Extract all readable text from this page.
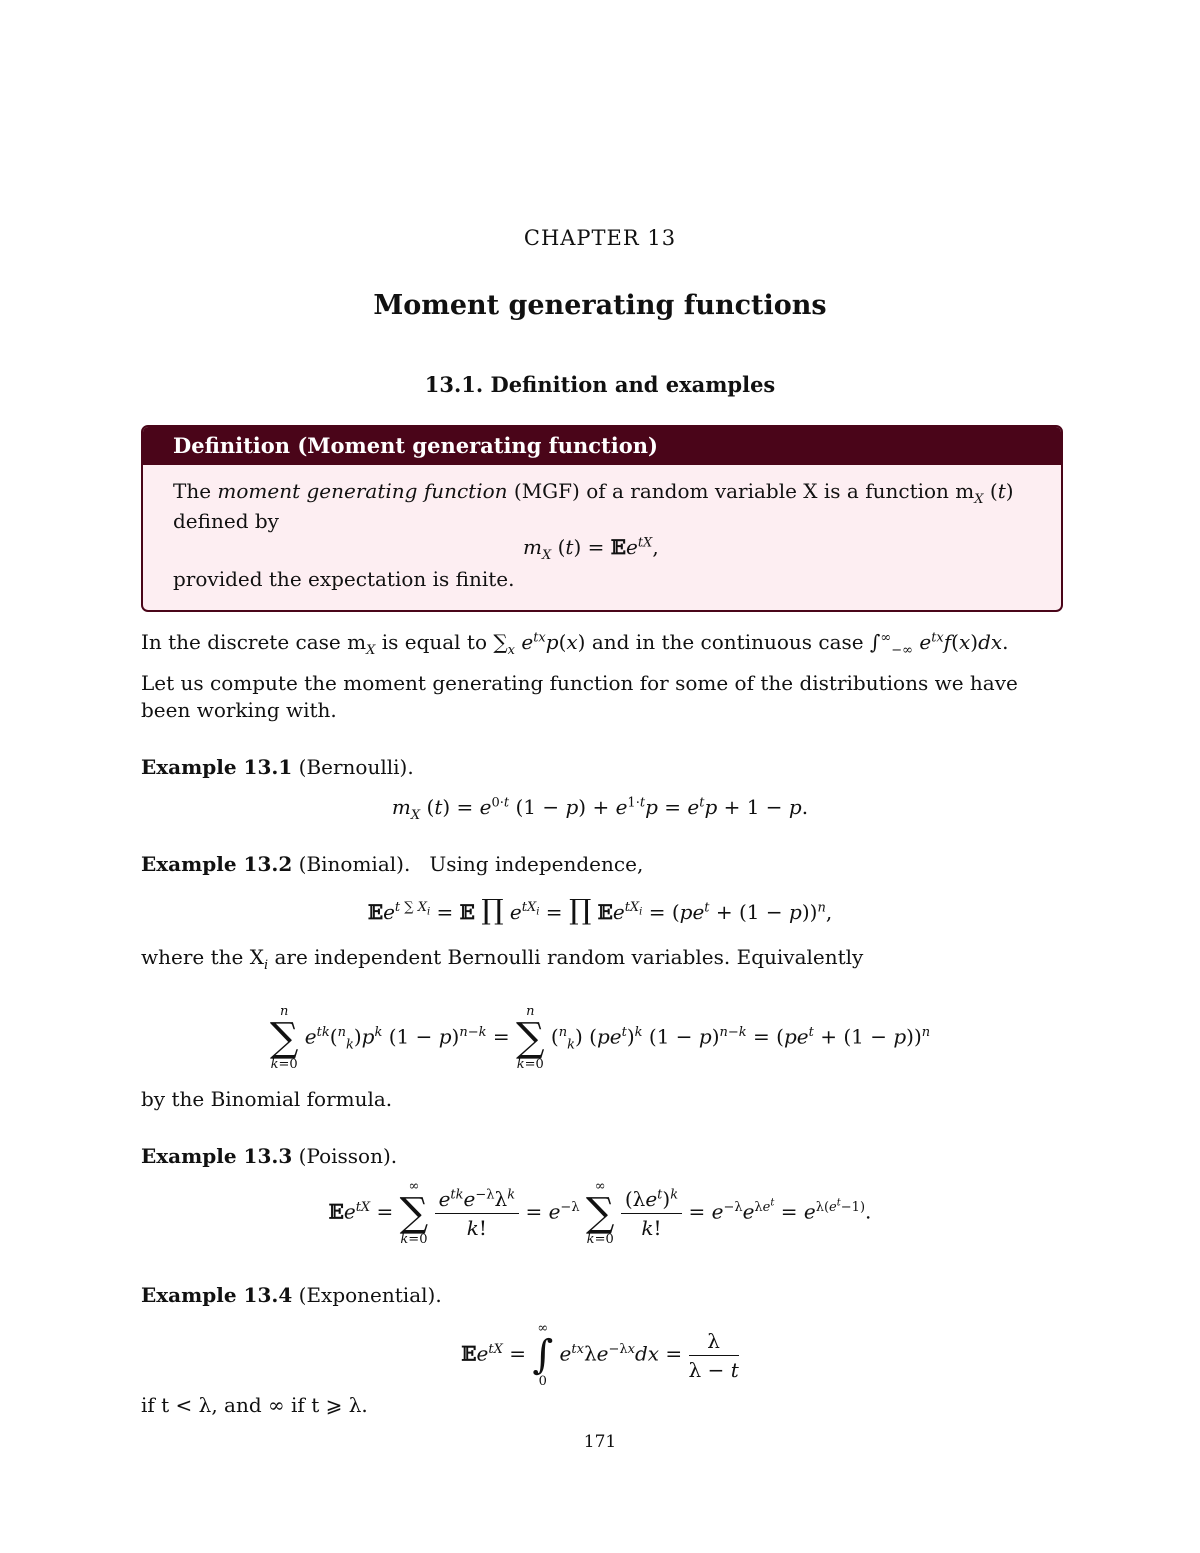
CHAPTER 13
Moment generating functions
13.1. Definition and examples
Definition (Moment generating function)
The moment generating function (MGF) of a random variable X is a function $m_X$ (t)
defined by
$m_X$ (t) = 𝔼e$^{tX}$,
provided the expectation is finite.
In the discrete case $m_X$ is equal to $\sum_x$ $e^{tx}p(x)$ and in the continuous case $\int^\infty_{-\infty}$ $e^{tx}f(x)dx$.
Let us compute the moment generating function for some of the distributions we have been working with.
Example 13.1 (Bernoulli).
$m_X$ $(t) = e^{0\cdot t}$ $(1 - p) + e^{1\cdot t}p = e^tp + 1 - p$.
Example 13.2 (Binomial). Using independence,
𝔼e$^{t \sum X_i}$ = 𝔼 ∏ $e^{tX_i}$ = ∏ 𝔼e$^{tX_i}$ = $(pe^t + (1 - p))^n$,
where the $X_i$ are independent Bernoulli random variables. Equivalently
n
∑
k=0
$e^{tk}(^n_k)p^k$ $(1 - p)^{n-k}$ =
n
∑
k=0
($^n_k$) $(pe^t)^k$ $(1 - p)^{n-k} = (pe^t + (1 - p))^n$
by the Binomial formula.
Example 13.3 (Poisson).
𝔼e$^{tX}$ =
∞
∑
k=0
$\frac{e^{tk}e^{-\lambda}\lambda^k}{k!} = e^{-\lambda}$
∞
∑
k=0
$\frac{(\lambda e^t)^k}{k!} = e^{-\lambda}e^{\lambda e^t} = e^{\lambda(e^t-1)}$.
Example 13.4 (Exponential).
𝔼e$^{tX}$ =
∞
∫
0
$e^{tx}\lambda e^{-\lambda x}dx = \frac{\lambda}{\lambda - t}$
if t < λ, and ∞ if t ⩾ λ.
171
